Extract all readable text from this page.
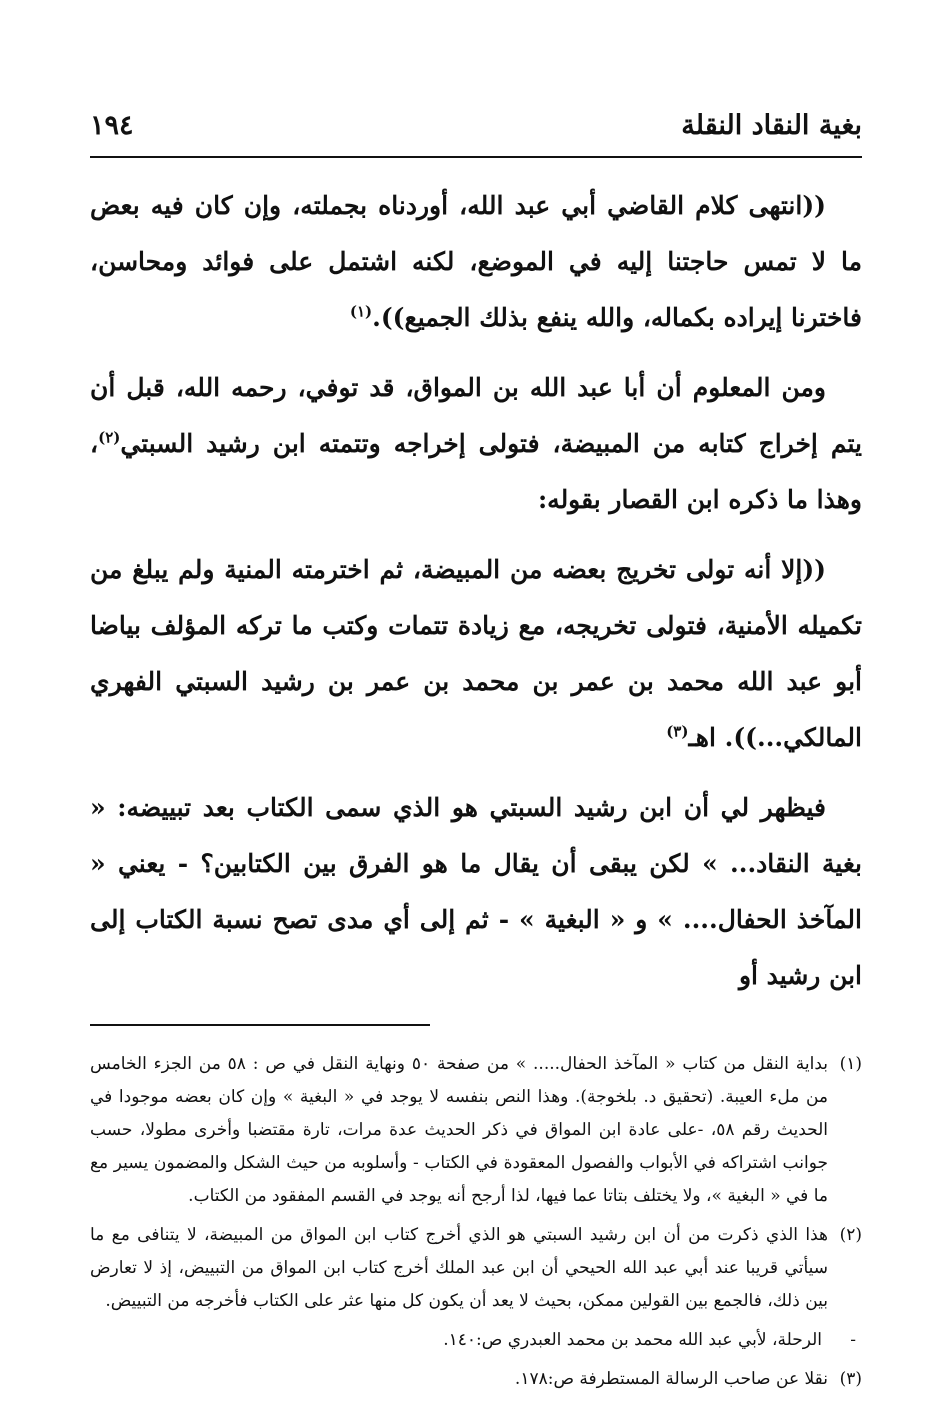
بغية النقاد النقلة
١٩٤

((انتهى كلام القاضي أبي عبد الله، أوردناه بجملته، وإن كان فيه بعض ما لا تمس حاجتنا إليه في الموضع، لكنه اشتمل على فوائد ومحاسن، فاخترنا إيراده بكماله، والله ينفع بذلك الجميع)).$^{(١)}$

ومن المعلوم أن أبا عبد الله بن المواق، قد توفي، رحمه الله، قبل أن يتم إخراج كتابه من المبيضة، فتولى إخراجه وتتمته ابن رشيد السبتي$^{(٢)}$، وهذا ما ذكره ابن القصار بقوله:

((إلا أنه تولى تخريج بعضه من المبيضة، ثم اخترمته المنية ولم يبلغ من تكميله الأمنية، فتولى تخريجه، مع زيادة تتمات وكتب ما تركه المؤلف بياضا أبو عبد الله محمد بن عمر بن محمد بن عمر بن رشيد السبتي الفهري المالكي...)). اهـ$^{(٣)}$

فيظهر لي أن ابن رشيد السبتي هو الذي سمى الكتاب بعد تبييضه: « بغية النقاد... » لكن يبقى أن يقال ما هو الفرق بين الكتابين؟ - يعني « المآخذ الحفال.... » و « البغية » - ثم إلى أي مدى تصح نسبة الكتاب إلى ابن رشيد أو

(١)
بداية النقل من كتاب « المآخذ الحفال..... » من صفحة ٥٠ ونهاية النقل في ص : ٥٨ من الجزء الخامس من ملء العيبة. (تحقيق د. بلخوجة). وهذا النص بنفسه لا يوجد في « البغية » وإن كان بعضه موجودا في الحديث رقم ٥٨، -على عادة ابن المواق في ذكر الحديث عدة مرات، تارة مقتضبا وأخرى مطولا، حسب جوانب اشتراكه في الأبواب والفصول المعقودة في الكتاب - وأسلوبه من حيث الشكل والمضمون يسير مع ما في « البغية »، ولا يختلف بتاتا عما فيها، لذا أرجح أنه يوجد في القسم المفقود من الكتاب.
(٢)
هذا الذي ذكرت من أن ابن رشيد السبتي هو الذي أخرج كتاب ابن المواق من المبيضة، لا يتنافى مع ما سيأتي قريبا عند أبي عبد الله الحيحي أن ابن عبد الملك أخرج كتاب ابن المواق من التبييض، إذ لا تعارض بين ذلك، فالجمع بين القولين ممكن، بحيث لا يعد أن يكون كل منها عثر على الكتاب فأخرجه من التبييض.
-
الرحلة، لأبي عبد الله محمد بن محمد العبدري ص:١٤٠.
(٣)
نقلا عن صاحب الرسالة المستطرفة ص:١٧٨.
